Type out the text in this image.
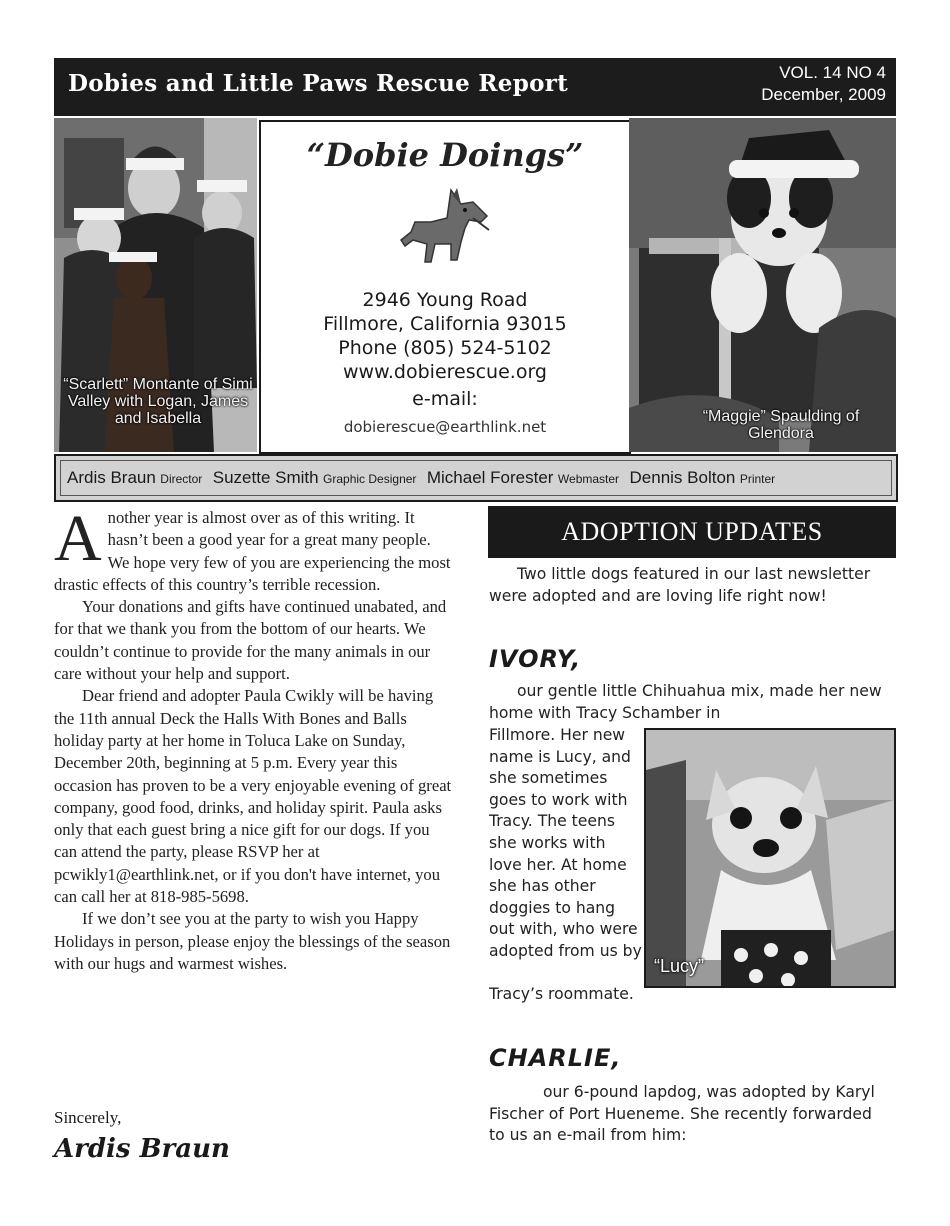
Dobies and Little Paws Rescue Report	VOL. 14 NO 4
December, 2009
“Scarlett” Montante of Simi Valley with Logan, James and Isabella
“Dobie Doings”
2946 Young Road
Fillmore, California 93015
Phone (805) 524-5102
www.dobierescue.org
e-mail:
dobierescue@earthlink.net
“Maggie” Spaulding of Glendora
Ardis Braun Director Suzette Smith Graphic Designer Michael Forester Webmaster Dennis Bolton Printer

Another year is almost over as of this writing. It hasn’t been a good year for a great many people. We hope very few of you are experiencing the most drastic effects of this country’s terrible recession.

Your donations and gifts have continued unabated, and for that we thank you from the bottom of our hearts. We couldn’t continue to provide for the many animals in our care without your help and support.

Dear friend and adopter Paula Cwikly will be having the 11th annual Deck the Halls With Bones and Balls holiday party at her home in Toluca Lake on Sunday, December 20th, beginning at 5 p.m. Every year this occasion has proven to be a very enjoyable evening of great company, good food, drinks, and holiday spirit. Paula asks only that each guest bring a nice gift for our dogs. If you can attend the party, please RSVP her at pcwikly1@earthlink.net, or if you don't have internet, you can call her at 818-985-5698.

If we don’t see you at the party to wish you Happy Holidays in person, please enjoy the blessings of the season with our hugs and warmest wishes.

Sincerely,
Ardis Braun
ADOPTION UPDATES
Two little dogs featured in our last newsletter were adopted and are loving life right now!
IVORY,
our gentle little Chihuahua mix, made her new home with Tracy Schamber in
Fillmore. Her new name is Lucy, and she sometimes goes to work with Tracy. The teens she works with love her. At home she has other doggies to hang out with, who were adopted from us by
“Lucy”
Tracy’s roommate.
CHARLIE,
our 6-pound lapdog, was adopted by Karyl Fischer of Port Hueneme. She recently forwarded to us an e-mail from him:
